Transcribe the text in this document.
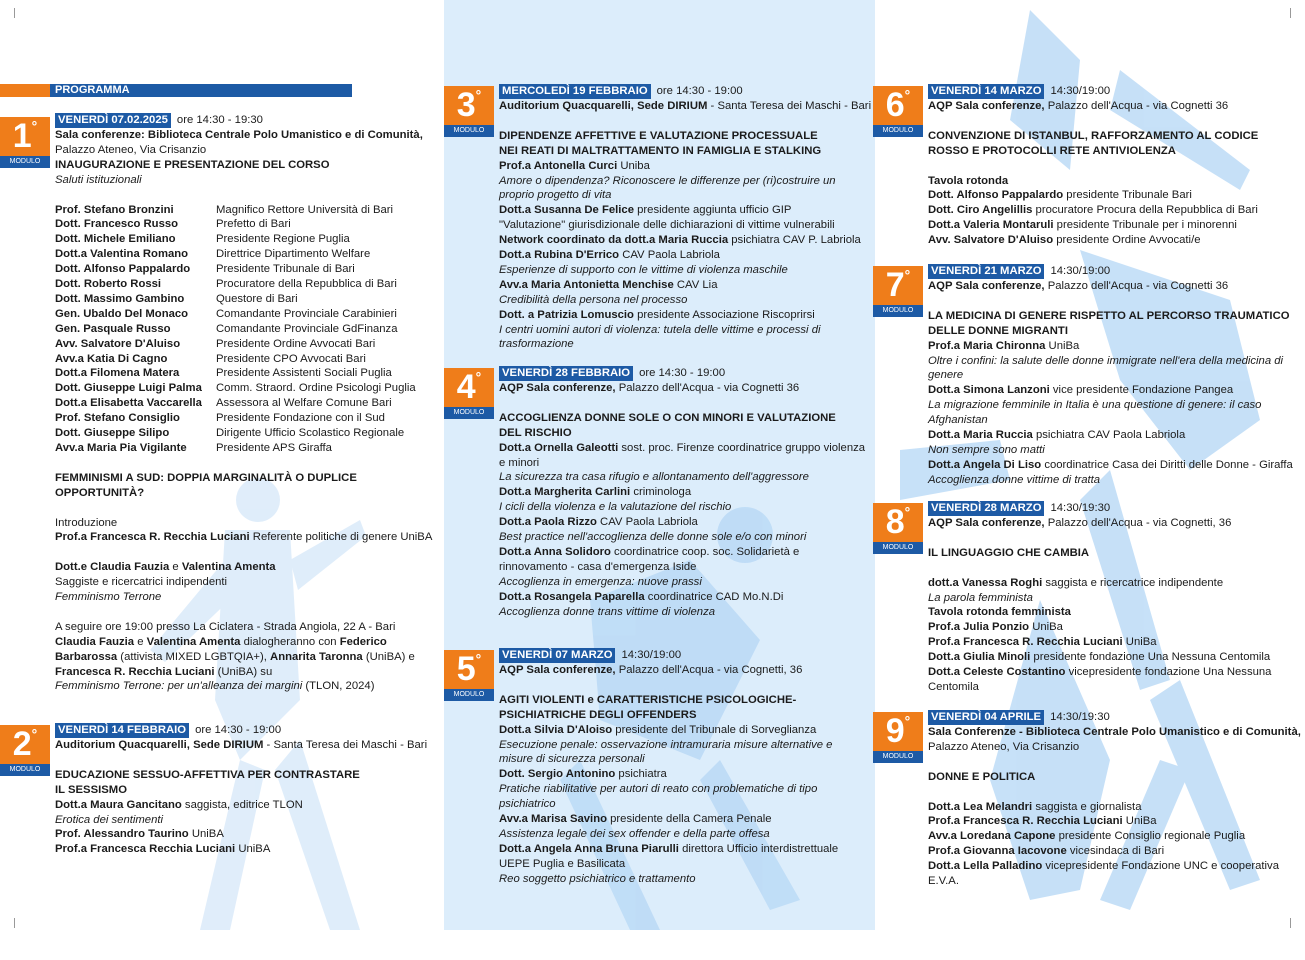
PROGRAMMA
1°
MODULO
VENERDÌ 07.02.2025 ore 14:30 - 19:30

Sala conferenze: Biblioteca Centrale Polo Umanistico e di Comunità,

Palazzo Ateneo, Via Crisanzio

INAUGURAZIONE E PRESENTAZIONE DEL CORSO

Saluti istituzionali

Prof. Stefano Bronzini	Magnifico Rettore Università di Bari
Dott. Francesco Russo	Prefetto di Bari
Dott. Michele Emiliano	Presidente Regione Puglia
Dott.a Valentina Romano	Direttrice Dipartimento Welfare
Dott. Alfonso Pappalardo	Presidente Tribunale di Bari
Dott. Roberto Rossi	Procuratore della Repubblica di Bari
Dott. Massimo Gambino	Questore di Bari
Gen. Ubaldo Del Monaco	Comandante Provinciale Carabinieri
Gen. Pasquale Russo	Comandante Provinciale GdFinanza
Avv. Salvatore D'Aluiso	Presidente Ordine Avvocati Bari
Avv.a Katia Di Cagno	Presidente CPO Avvocati Bari
Dott.a Filomena Matera	Presidente Assistenti Sociali Puglia
Dott. Giuseppe Luigi Palma	Comm. Straord. Ordine Psicologi Puglia
Dott.a Elisabetta Vaccarella	Assessora al Welfare Comune Bari
Prof. Stefano Consiglio	Presidente Fondazione con il Sud
Dott. Giuseppe Silipo	Dirigente Ufficio Scolastico Regionale
Avv.a Maria Pia Vigilante	Presidente APS Giraffa

FEMMINISMI A SUD: DOPPIA MARGINALITÀ O DUPLICE

OPPORTUNITÀ?

Introduzione

Prof.a Francesca R. Recchia Luciani Referente politiche di genere UniBA

Dott.e Claudia Fauzia e Valentina Amenta

Saggiste e ricercatrici indipendenti

Femminismo Terrone

A seguire ore 19:00 presso La Ciclatera - Strada Angiola, 22 A - Bari

Claudia Fauzia e Valentina Amenta dialogheranno con Federico

Barbarossa (attivista MIXED LGBTQIA+), Annarita Taronna (UniBA) e

Francesca R. Recchia Luciani (UniBA) su

Femminismo Terrone: per un'alleanza dei margini (TLON, 2024)

2°
MODULO
VENERDÌ 14 FEBBRAIO ore 14:30 - 19:00

Auditorium Quacquarelli, Sede DIRIUM - Santa Teresa dei Maschi - Bari

EDUCAZIONE SESSUO-AFFETTIVA PER CONTRASTARE

IL SESSISMO

Dott.a Maura Gancitano saggista, editrice TLON

Erotica dei sentimenti

Prof. Alessandro Taurino UniBA

Prof.a Francesca Recchia Luciani UniBA

3°
MODULO
MERCOLEDÌ 19 FEBBRAIO ore 14:30 - 19:00

Auditorium Quacquarelli, Sede DIRIUM - Santa Teresa dei Maschi - Bari

DIPENDENZE AFFETTIVE E VALUTAZIONE PROCESSUALE

NEI REATI DI MALTRATTAMENTO IN FAMIGLIA E STALKING

Prof.a Antonella Curci Uniba

Amore o dipendenza? Riconoscere le differenze per (ri)costruire un

proprio progetto di vita

Dott.a Susanna De Felice presidente aggiunta ufficio GIP

"Valutazione" giurisdizionale delle dichiarazioni di vittime vulnerabili

Network coordinato da dott.a Maria Ruccia psichiatra CAV P. Labriola

Dott.a Rubina D'Errico CAV Paola Labriola

Esperienze di supporto con le vittime di violenza maschile

Avv.a Maria Antonietta Menchise CAV Lia

Credibilità della persona nel processo

Dott. a Patrizia Lomuscio presidente Associazione Riscoprirsi

I centri uomini autori di violenza: tutela delle vittime e processi di

trasformazione

4°
MODULO
VENERDÌ 28 FEBBRAIO ore 14:30 - 19:00

AQP Sala conferenze, Palazzo dell'Acqua - via Cognetti 36

ACCOGLIENZA DONNE SOLE O CON MINORI E VALUTAZIONE

DEL RISCHIO

Dott.a Ornella Galeotti sost. proc. Firenze coordinatrice gruppo violenza

e minori

La sicurezza tra casa rifugio e allontanamento dell'aggressore

Dott.a Margherita Carlini criminologa

I cicli della violenza e la valutazione del rischio

Dott.a Paola Rizzo CAV Paola Labriola

Best practice nell'accoglienza delle donne sole e/o con minori

Dott.a Anna Solidoro coordinatrice coop. soc. Solidarietà e

rinnovamento - casa d'emergenza Iside

Accoglienza in emergenza: nuove prassi

Dott.a Rosangela Paparella coordinatrice CAD Mo.N.Di

Accoglienza donne trans vittime di violenza

5°
MODULO
VENERDÌ 07 MARZO 14:30/19:00

AQP Sala conferenze, Palazzo dell'Acqua - via Cognetti, 36

AGITI VIOLENTI e CARATTERISTICHE PSICOLOGICHE-

PSICHIATRICHE DEGLI OFFENDERS

Dott.a Silvia D'Aloiso presidente del Tribunale di Sorveglianza

Esecuzione penale: osservazione intramuraria misure alternative e

misure di sicurezza personali

Dott. Sergio Antonino psichiatra

Pratiche riabilitative per autori di reato con problematiche di tipo

psichiatrico

Avv.a Marisa Savino presidente della Camera Penale

Assistenza legale dei sex offender e della parte offesa

Dott.a Angela Anna Bruna Piarulli direttora Ufficio interdistrettuale

UEPE Puglia e Basilicata

Reo soggetto psichiatrico e trattamento

6°
MODULO
VENERDÌ 14 MARZO 14:30/19:00

AQP Sala conferenze, Palazzo dell'Acqua - via Cognetti 36

CONVENZIONE DI ISTANBUL, RAFFORZAMENTO AL CODICE

ROSSO E PROTOCOLLI RETE ANTIVIOLENZA

Tavola rotonda

Dott. Alfonso Pappalardo presidente Tribunale Bari

Dott. Ciro Angelillis procuratore Procura della Repubblica di Bari

Dott.a Valeria Montaruli presidente Tribunale per i minorenni

Avv. Salvatore D'Aluiso presidente Ordine Avvocati/e

7°
MODULO
VENERDÌ 21 MARZO 14:30/19:00

AQP Sala conferenze, Palazzo dell'Acqua - via Cognetti 36

LA MEDICINA DI GENERE RISPETTO AL PERCORSO TRAUMATICO

DELLE DONNE MIGRANTI

Prof.a Maria Chironna UniBa

Oltre i confini: la salute delle donne immigrate nell'era della medicina di

genere

Dott.a Simona Lanzoni vice presidente Fondazione Pangea

La migrazione femminile in Italia è una questione di genere: il caso

Afghanistan

Dott.a Maria Ruccia psichiatra CAV Paola Labriola

Non sempre sono matti

Dott.a Angela Di Liso coordinatrice Casa dei Diritti delle Donne - Giraffa

Accoglienza donne vittime di tratta

8°
MODULO
VENERDÌ 28 MARZO 14:30/19:30

AQP Sala conferenze, Palazzo dell'Acqua - via Cognetti, 36

IL LINGUAGGIO CHE CAMBIA

dott.a Vanessa Roghi saggista e ricercatrice indipendente

La parola femminista

Tavola rotonda femminista

Prof.a Julia Ponzio UniBa

Prof.a Francesca R. Recchia Luciani UniBa

Dott.a Giulia Minoli presidente fondazione Una Nessuna Centomila

Dott.a Celeste Costantino vicepresidente fondazione Una Nessuna

Centomila

9°
MODULO
VENERDÌ 04 APRILE 14:30/19:30

Sala Conferenze - Biblioteca Centrale Polo Umanistico e di Comunità,

Palazzo Ateneo, Via Crisanzio

DONNE E POLITICA

Dott.a Lea Melandri saggista e giornalista

Prof.a Francesca R. Recchia Luciani UniBa

Avv.a Loredana Capone presidente Consiglio regionale Puglia

Prof.a Giovanna Iacovone vicesindaca di Bari

Dott.a Lella Palladino vicepresidente Fondazione UNC e cooperativa

E.V.A.
